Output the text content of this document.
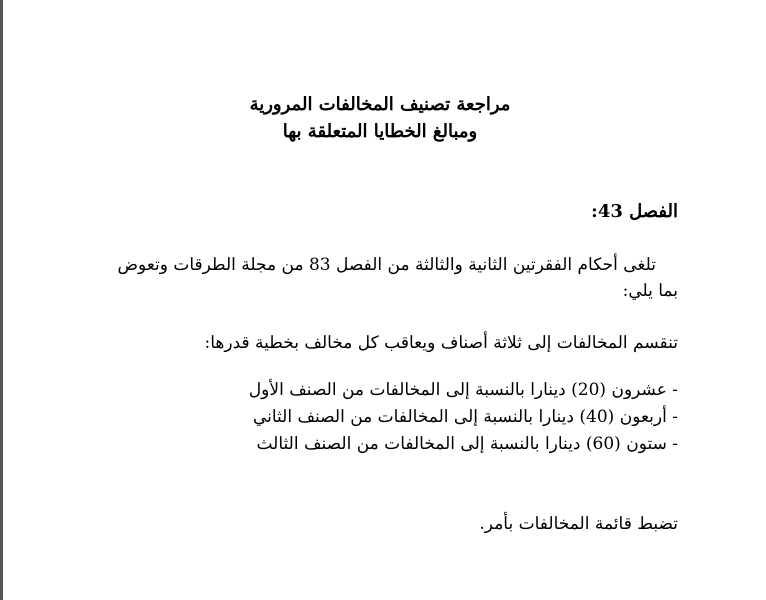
مراجعة تصنيف المخالفات المرورية
ومبالغ الخطايا المتعلقة بها
الفصل 43:
تلغى أحكام الفقرتين الثانية والثالثة من الفصل 83 من مجلة الطرقات وتعوض
بما يلي:
تنقسم المخالفات إلى ثلاثة أصناف ويعاقب كل مخالف بخطية قدرها:
- عشرون (20) دينارا بالنسبة إلى المخالفات من الصنف الأول
- أربعون (40) دينارا بالنسبة إلى المخالفات من الصنف الثاني
- ستون (60) دينارا بالنسبة إلى المخالفات من الصنف الثالث
تضبط قائمة المخالفات بأمر.
